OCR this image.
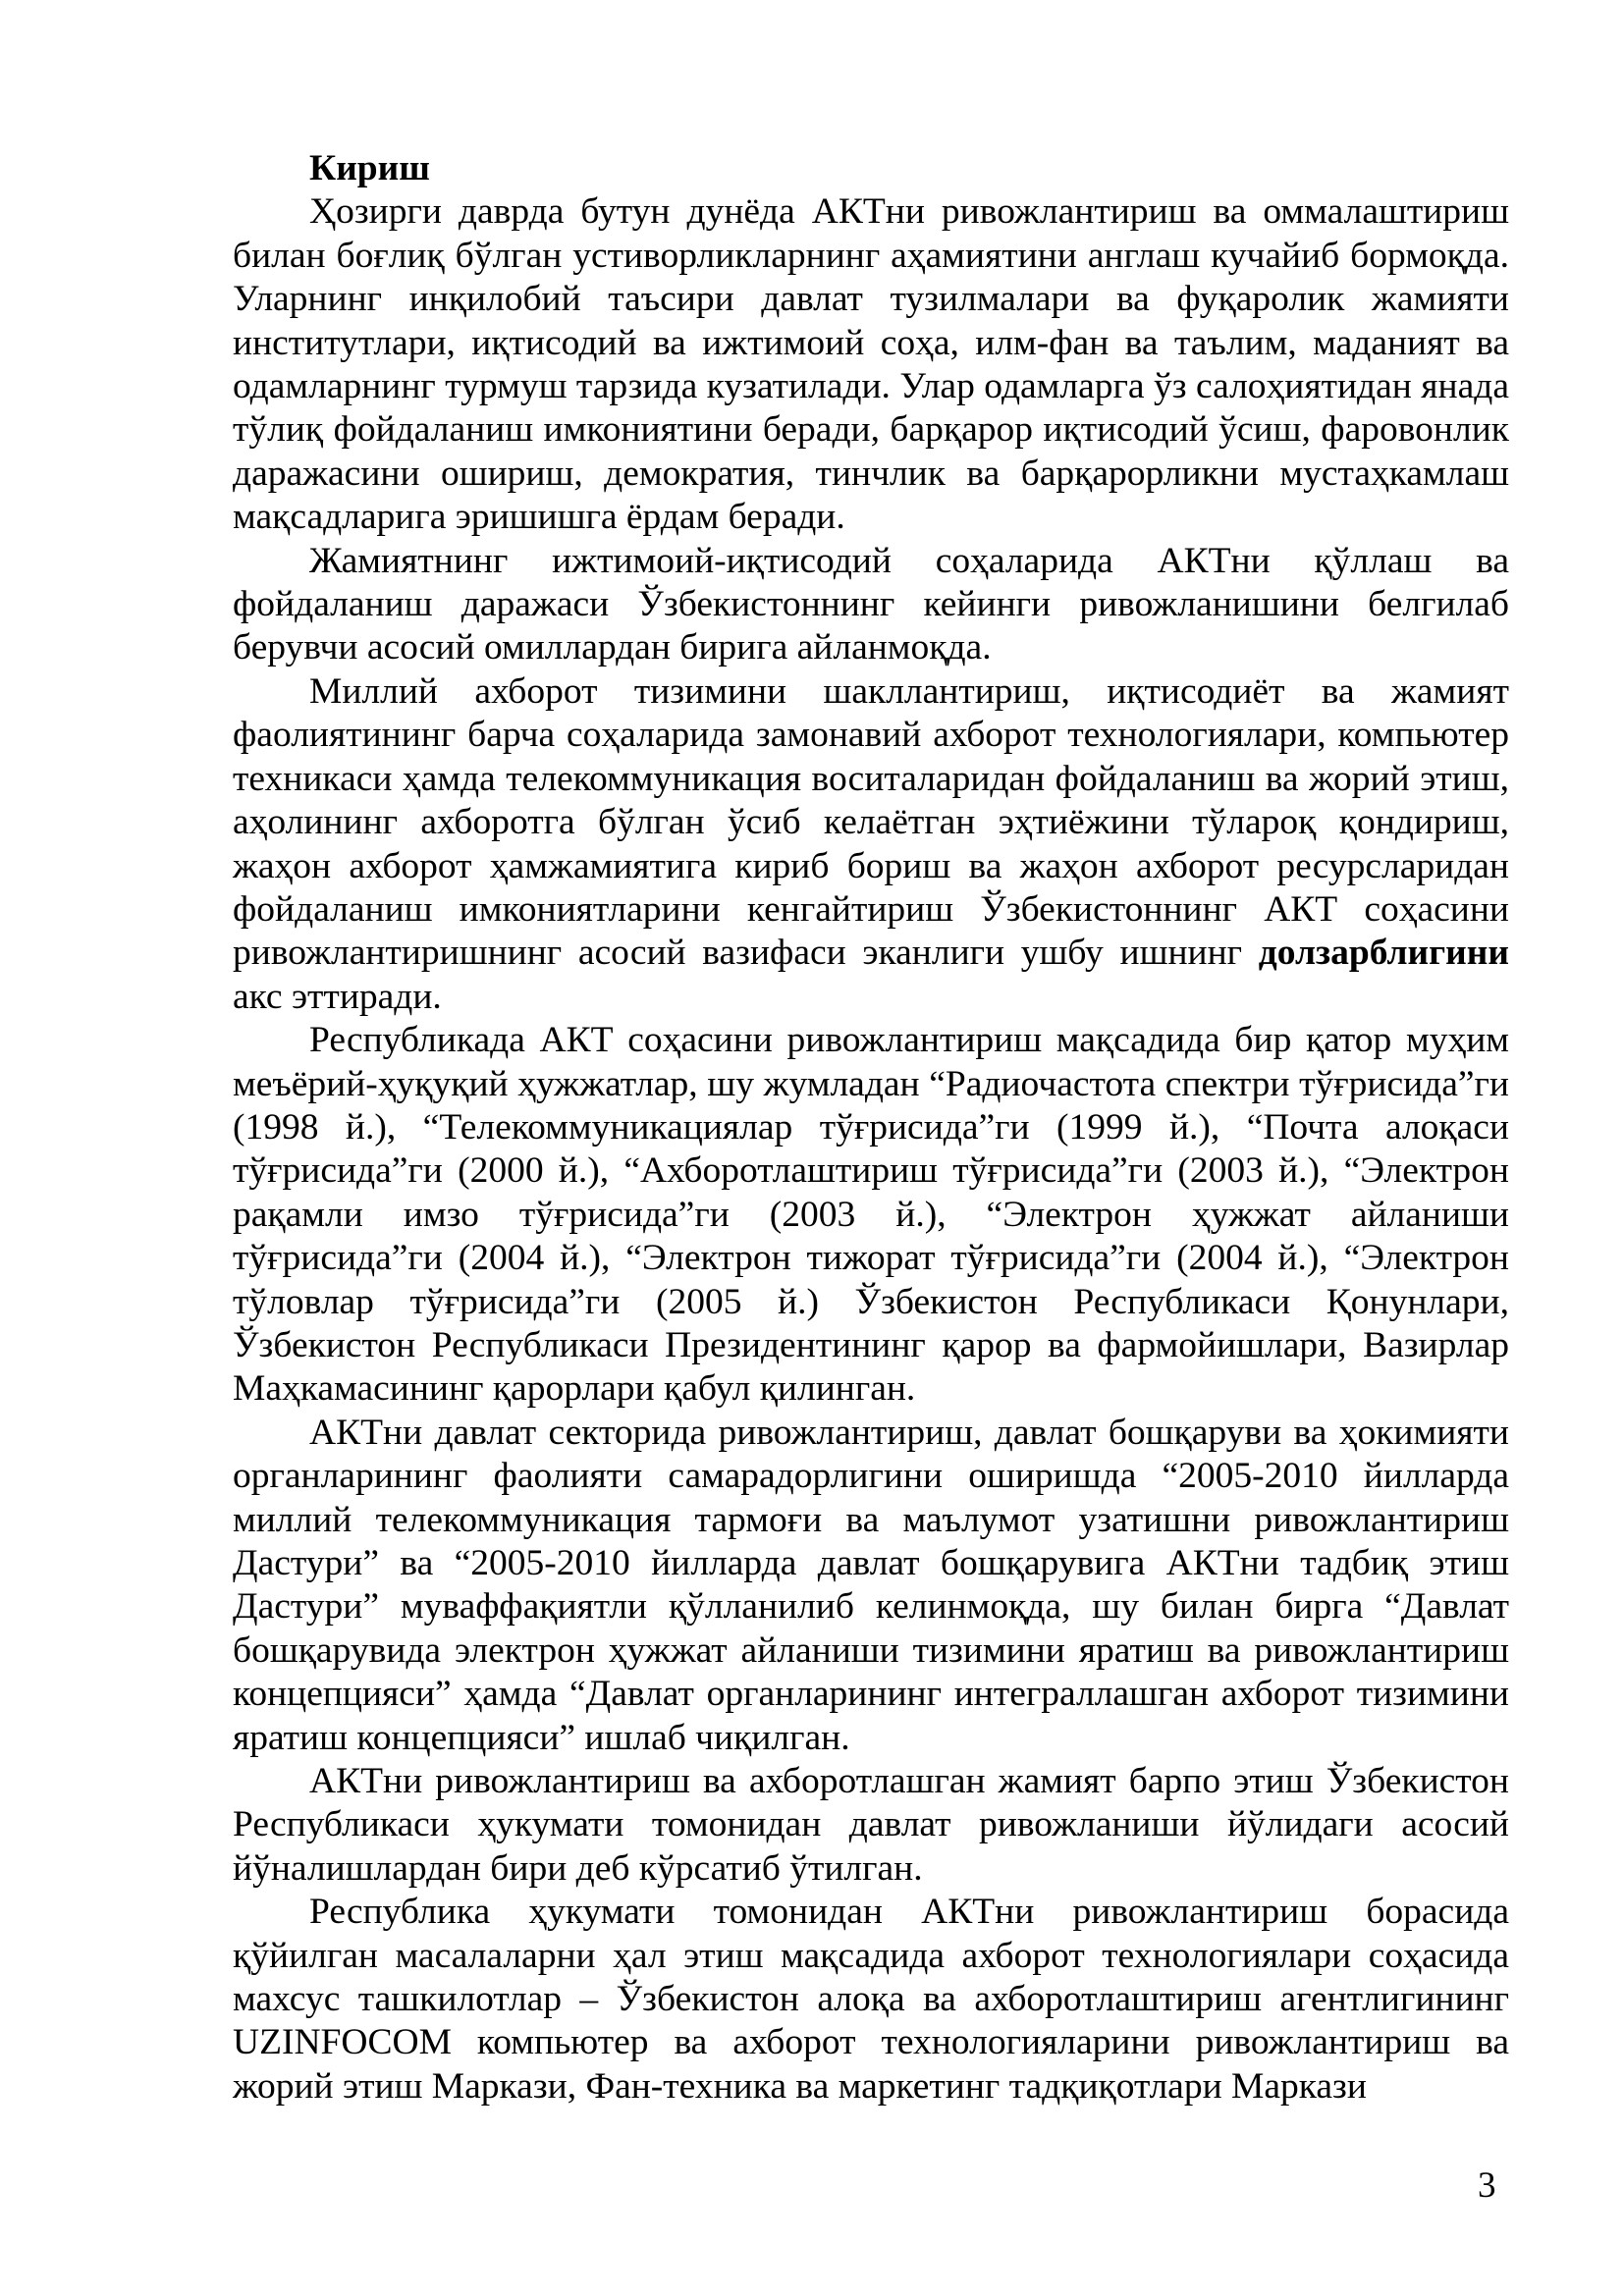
Кириш

Ҳозирги даврда бутун дунёда АКТни ривожлантириш ва оммалаштириш билан боғлиқ бўлган устиворликларнинг аҳамиятини англаш кучайиб бормоқда. Уларнинг инқилобий таъсири давлат тузилмалари ва фуқаролик жамияти институтлари, иқтисодий ва ижтимоий соҳа, илм-фан ва таълим, маданият ва одамларнинг турмуш тарзида кузатилади. Улар одамларга ўз салоҳиятидан янада тўлиқ фойдаланиш имкониятини беради, барқарор иқтисодий ўсиш, фаровонлик даражасини ошириш, демократия, тинчлик ва барқарорликни мустаҳкамлаш мақсадларига эришишга ёрдам беради.

Жамиятнинг ижтимоий-иқтисодий соҳаларида АКТни қўллаш ва фойдаланиш даражаси Ўзбекистоннинг кейинги ривожланишини белгилаб берувчи асосий омиллардан бирига айланмоқда.

Миллий ахборот тизимини шакллантириш, иқтисодиёт ва жамият фаолиятининг барча соҳаларида замонавий ахборот технологиялари, компьютер техникаси ҳамда телекоммуникация воситаларидан фойдаланиш ва жорий этиш, аҳолининг ахборотга бўлган ўсиб келаётган эҳтиёжини тўлароқ қондириш, жаҳон ахборот ҳамжамиятига кириб бориш ва жаҳон ахборот ресурсларидан фойдаланиш имкониятларини кенгайтириш Ўзбекистоннинг АКТ соҳасини ривожлантиришнинг асосий вазифаси эканлиги ушбу ишнинг долзарблигини акс эттиради.

Республикада АКТ соҳасини ривожлантириш мақсадида бир қатор муҳим меъёрий-ҳуқуқий ҳужжатлар, шу жумладан “Радиочастота спектри тўғрисида”ги (1998 й.), “Телекоммуникациялар тўғрисида”ги (1999 й.), “Почта алоқаси тўғрисида”ги (2000 й.), “Ахборотлаштириш тўғрисида”ги (2003 й.), “Электрон рақамли имзо тўғрисида”ги (2003 й.), “Электрон ҳужжат айланиши тўғрисида”ги (2004 й.), “Электрон тижорат тўғрисида”ги (2004 й.), “Электрон тўловлар тўғрисида”ги (2005 й.) Ўзбекистон Республикаси Қонунлари, Ўзбекистон Республикаси Президентининг қарор ва фармойишлари, Вазирлар Маҳкамасининг қарорлари қабул қилинган.

АКТни давлат секторида ривожлантириш, давлат бошқаруви ва ҳокимияти органларининг фаолияти самарадорлигини оширишда “2005-2010 йилларда миллий телекоммуникация тармоғи ва маълумот узатишни ривожлантириш Дастури” ва “2005-2010 йилларда давлат бошқарувига АКТни тадбиқ этиш Дастури” муваффақиятли қўлланилиб келинмоқда, шу билан бирга “Давлат бошқарувида электрон ҳужжат айланиши тизимини яратиш ва ривожлантириш концепцияси” ҳамда “Давлат органларининг интеграллашган ахборот тизимини яратиш концепцияси” ишлаб чиқилган.

АКТни ривожлантириш ва ахборотлашган жамият барпо этиш Ўзбекистон Республикаси ҳукумати томонидан давлат ривожланиши йўлидаги асосий йўналишлардан бири деб кўрсатиб ўтилган.

Республика ҳукумати томонидан АКТни ривожлантириш борасида қўйилган масалаларни ҳал этиш мақсадида ахборот технологиялари соҳасида махсус ташкилотлар – Ўзбекистон алоқа ва ахборотлаштириш агентлигининг UZINFOCOM компьютер ва ахборот технологияларини ривожлантириш ва жорий этиш Маркази, Фан-техника ва маркетинг тадқиқотлари Маркази

3
